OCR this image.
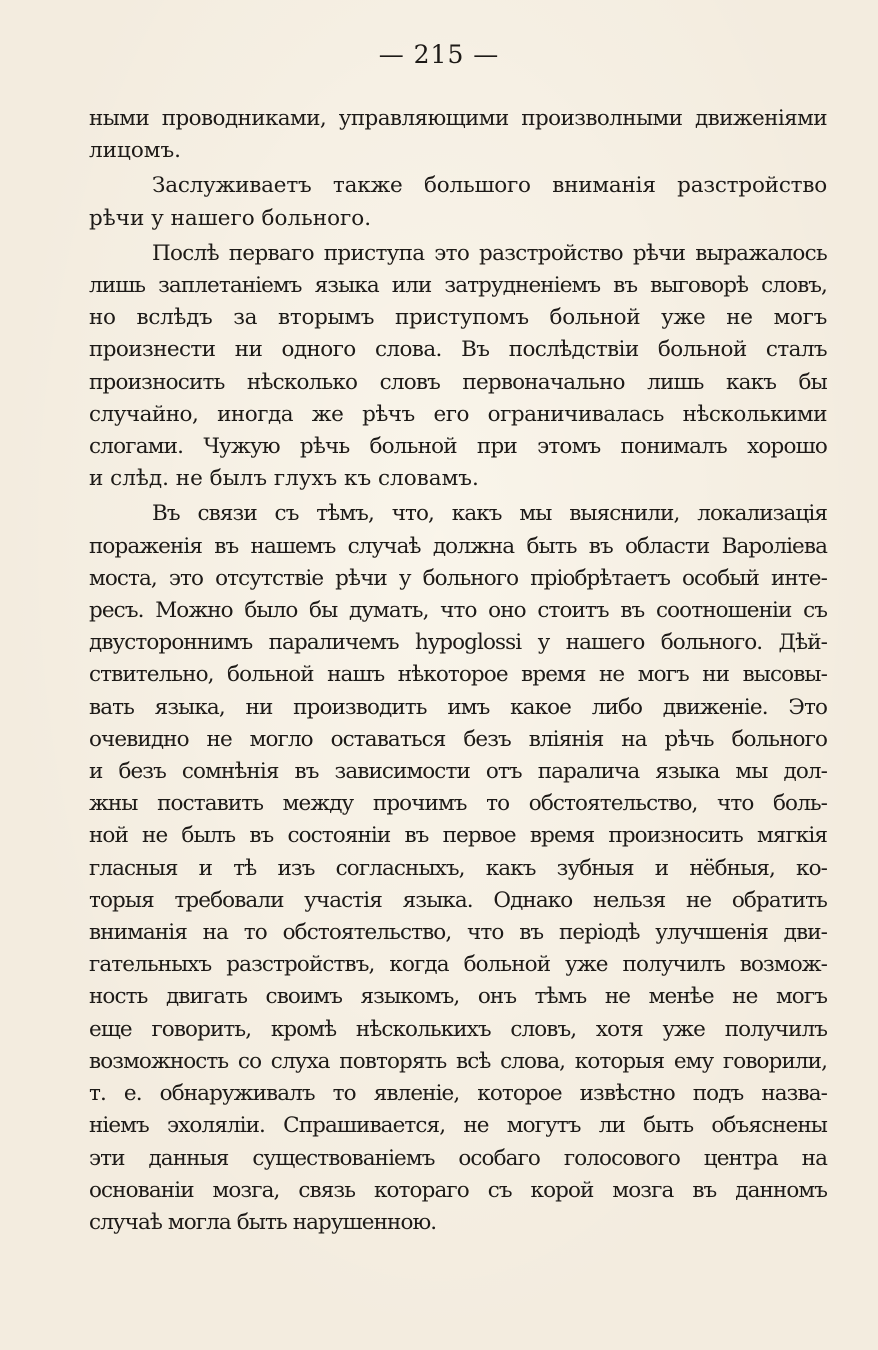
— 215 —
ными проводниками, управляющими произволными движеніями
лицомъ.
Заслуживаетъ также большого вниманія разстройство
рѣчи у нашего больного.
Послѣ перваго приступа это разстройство рѣчи выражалось
лишь заплетаніемъ языка или затрудненіемъ въ выговорѣ словъ,
но вслѣдъ за вторымъ приступомъ больной уже не могъ
произнести ни одного слова. Въ послѣдствіи больной сталъ
произносить нѣсколько словъ первоначально лишь какъ бы
случайно, иногда же рѣчъ его ограничивалась нѣсколькими
слогами. Чужую рѣчь больной при этомъ понималъ хорошо
и слѣд. не былъ глухъ къ словамъ.
Въ связи съ тѣмъ, что, какъ мы выяснили, локализація
пораженія въ нашемъ случаѣ должна быть въ области Вароліева
моста, это отсутствіе рѣчи у больного пріобрѣтаетъ особый инте-
ресъ. Можно было бы думать, что оно стоитъ въ соотношеніи съ
двустороннимъ параличемъ hypoglossi у нашего больного. Дѣй-
ствительно, больной нашъ нѣкоторое время не могъ ни высовы-
вать языка, ни производить имъ какое либо движеніе. Это
очевидно не могло оставаться безъ вліянія на рѣчь больного
и безъ сомнѣнія въ зависимости отъ паралича языка мы дол-
жны поставить между прочимъ то обстоятельство, что боль-
ной не былъ въ состояніи въ первое время произносить мягкія
гласныя и тѣ изъ согласныхъ, какъ зубныя и нёбныя, ко-
торыя требовали участія языка. Однако нельзя не обратить
вниманія на то обстоятельство, что въ періодѣ улучшенія дви-
гательныхъ разстройствъ, когда больной уже получилъ возмож-
ность двигать своимъ языкомъ, онъ тѣмъ не менѣе не могъ
еще говорить, кромѣ нѣсколькихъ словъ, хотя уже получилъ
возможность со слуха повторять всѣ слова, которыя ему говорили,
т. е. обнаруживалъ то явленіе, которое извѣстно подъ назва-
ніемъ эхоляліи. Спрашивается, не могутъ ли быть объяснены
эти данныя существованіемъ особаго голосового центра на
основаніи мозга, связь котораго съ корой мозга въ данномъ
случаѣ могла быть нарушенною.
